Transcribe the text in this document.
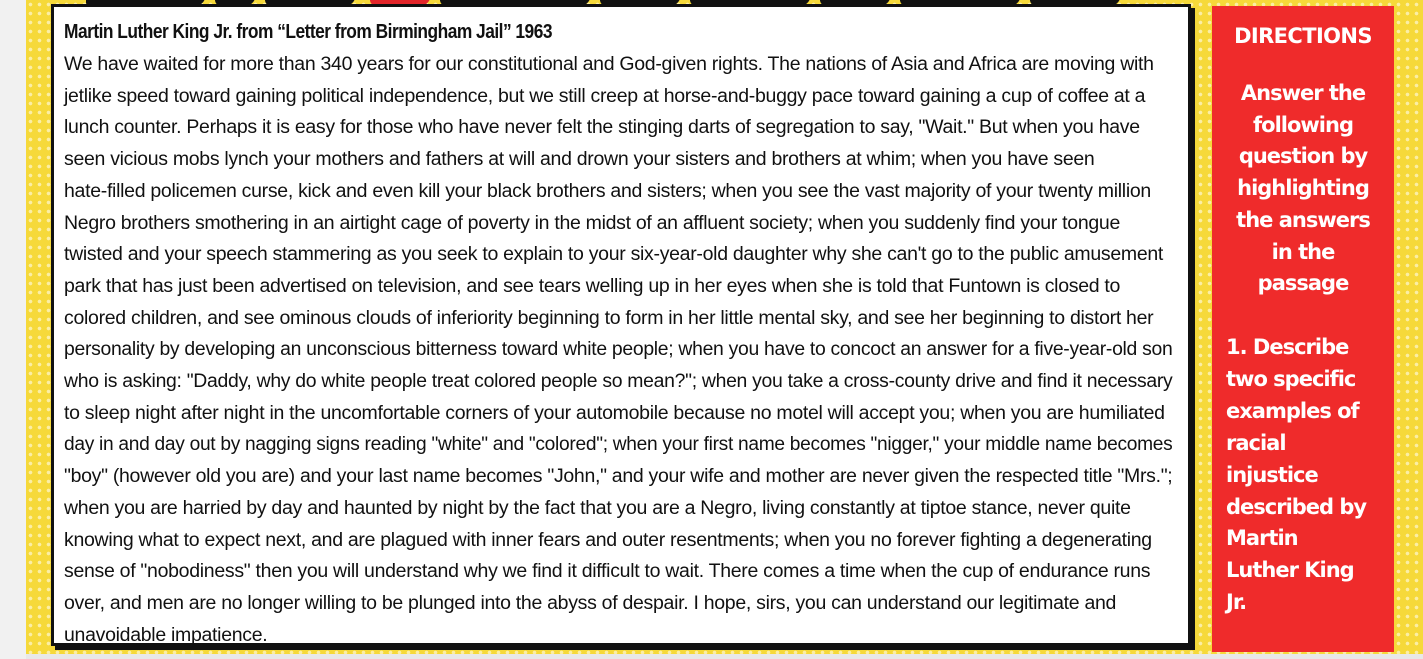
Martin Luther King Jr. from “Letter from Birmingham Jail” 1963
We have waited for more than 340 years for our constitutional and God-given rights. The nations of Asia and Africa are moving with
jetlike speed toward gaining political independence, but we still creep at horse-and-buggy pace toward gaining a cup of coffee at a
lunch counter. Perhaps it is easy for those who have never felt the stinging darts of segregation to say, "Wait." But when you have
seen vicious mobs lynch your mothers and fathers at will and drown your sisters and brothers at whim; when you have seen
hate-filled policemen curse, kick and even kill your black brothers and sisters; when you see the vast majority of your twenty million
Negro brothers smothering in an airtight cage of poverty in the midst of an affluent society; when you suddenly find your tongue
twisted and your speech stammering as you seek to explain to your six-year-old daughter why she can't go to the public amusement
park that has just been advertised on television, and see tears welling up in her eyes when she is told that Funtown is closed to
colored children, and see ominous clouds of inferiority beginning to form in her little mental sky, and see her beginning to distort her
personality by developing an unconscious bitterness toward white people; when you have to concoct an answer for a five-year-old son
who is asking: "Daddy, why do white people treat colored people so mean?"; when you take a cross-county drive and find it necessary
to sleep night after night in the uncomfortable corners of your automobile because no motel will accept you; when you are humiliated
day in and day out by nagging signs reading "white" and "colored"; when your first name becomes "nigger," your middle name becomes
"boy" (however old you are) and your last name becomes "John," and your wife and mother are never given the respected title "Mrs.";
when you are harried by day and haunted by night by the fact that you are a Negro, living constantly at tiptoe stance, never quite
knowing what to expect next, and are plagued with inner fears and outer resentments; when you no forever fighting a degenerating
sense of "nobodiness" then you will understand why we find it difficult to wait. There comes a time when the cup of endurance runs
over, and men are no longer willing to be plunged into the abyss of despair. I hope, sirs, you can understand our legitimate and
unavoidable impatience.
DIRECTIONS
Answer the
following
question by
highlighting
the answers
in the
passage
1. Describe
two specific
examples of
racial
injustice
described by
Martin
Luther King
Jr.
